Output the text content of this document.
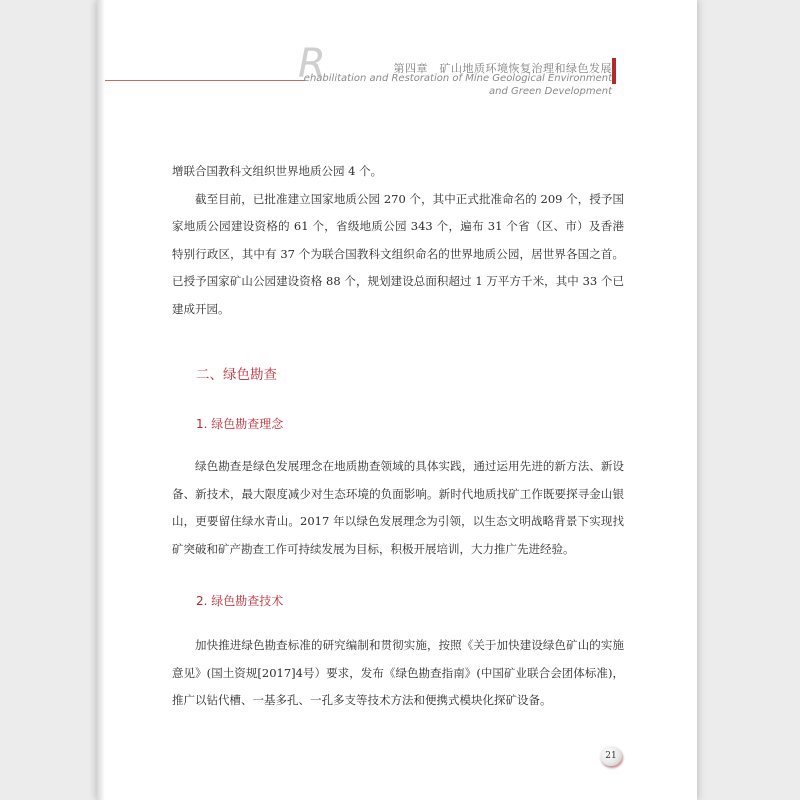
R	第四章　矿山地质环境恢复治理和绿色发展
ehabilitation and Restoration of Mine Geological Environment
and Green Development

增联合国教科文组织世界地质公园 4 个。

截至目前，已批准建立国家地质公园 270 个，其中正式批准命名的 209 个，授予国家地质公园建设资格的 61 个，省级地质公园 343 个，遍布 31 个省（区、市）及香港特别行政区，其中有 37 个为联合国教科文组织命名的世界地质公园，居世界各国之首。已授予国家矿山公园建设资格 88 个，规划建设总面积超过 1 万平方千米，其中 33 个已建成开园。

二、绿色勘查

1. 绿色勘查理念

绿色勘查是绿色发展理念在地质勘查领域的具体实践，通过运用先进的新方法、新设备、新技术，最大限度减少对生态环境的负面影响。新时代地质找矿工作既要探寻金山银山，更要留住绿水青山。2017 年以绿色发展理念为引领，以生态文明战略背景下实现找矿突破和矿产勘查工作可持续发展为目标，积极开展培训，大力推广先进经验。

2. 绿色勘查技术

加快推进绿色勘查标准的研究编制和贯彻实施，按照《关于加快建设绿色矿山的实施意见》(国土资规[2017]4号）要求，发布《绿色勘查指南》(中国矿业联合会团体标准)，推广以钻代槽、一基多孔、一孔多支等技术方法和便携式模块化探矿设备。

21
